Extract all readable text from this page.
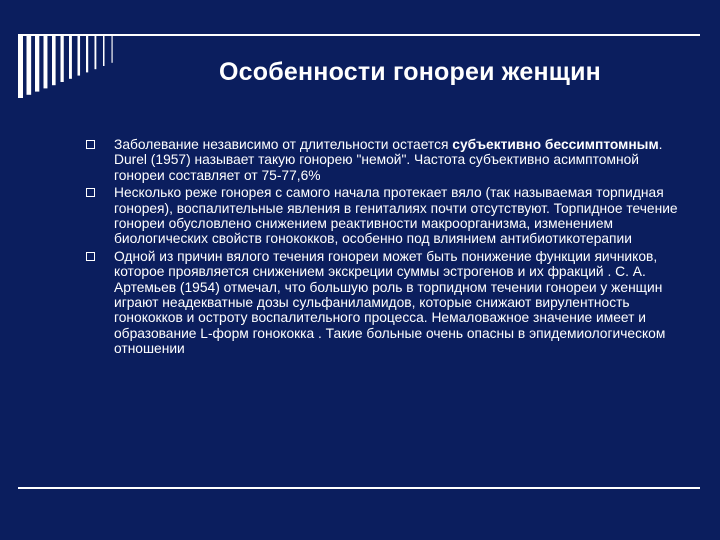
Особенности гонореи женщин
Заболевание независимо от длительности остается субъективно бессимптомным. Durel (1957) называет такую гонорею "немой". Частота субъективно асимптомной гонореи составляет от 75-77,6%
Несколько реже гонорея с самого начала протекает вяло (так называемая торпидная гонорея), воспалительные явления в гениталиях почти отсутствуют. Торпидное течение гонореи обусловлено снижением реактивности макроорганизма, изменением биологических свойств гонококков, особенно под влиянием антибиотикотерапии
Одной из причин вялого течения гонореи может быть понижение функции яичников, которое проявляется снижением экскреции суммы эстрогенов и их фракций . С. А. Артемьев (1954) отмечал, что большую роль в торпидном течении гонореи у женщин играют неадекватные дозы сульфаниламидов, которые снижают вирулентность гонококков и остроту воспалительного процесса. Немаловажное значение имеет и образование L-форм гонококка . Такие больные очень опасны в эпидемиологическом отношении
